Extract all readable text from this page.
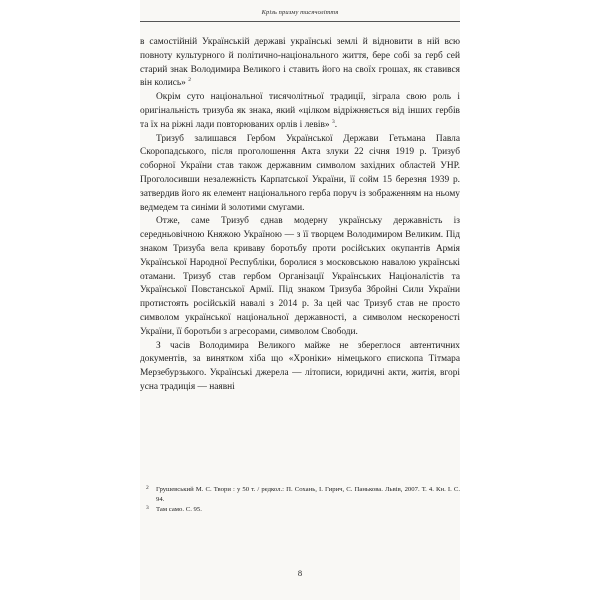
Крізь призму тисячоліття

в самостійній Українській державі українські землі й відновити в ній всю повноту культурного й політично-національного життя, бере собі за герб сей старий знак Володимира Великого і ставить його на своїх грошах, як ставився він колись» $^2$

Окрім суто національної тисячолітньої традиції, зіграла свою роль і оригінальність тризуба як знака, який «цілком відріжняється від інших гербів та їх на ріжні лади повторюваних орлів і левів» $^3$.

Тризуб залишався Гербом Української Держави Гетьмана Павла Скоропадського, після проголошення Акта злуки 22 січня 1919 р. Тризуб соборної України став також державним символом західних областей УНР. Проголосивши незалежність Карпатської України, її сойм 15 березня 1939 р. затвердив його як елемент національного герба поруч із зображенням на ньому ведмедем та синіми й золотими смугами.

Отже, саме Тризуб єднав модерну українську державність із середньовічною Княжою Україною — з її творцем Володимиром Великим. Під знаком Тризуба вела криваву боротьбу проти російських окупантів Армія Української Народної Республіки, боролися з московською навалою українські отамани. Тризуб став гербом Організації Українських Націоналістів та Української Повстанської Армії. Під знаком Тризуба Збройні Сили України протистоять російській навалі з 2014 р. За цей час Тризуб став не просто символом української національної державності, а символом нескореності України, її боротьби з агресорами, символом Свободи.

З часів Володимира Великого майже не збереглося автентичних документів, за винятком хіба що «Хроніки» німецького єпископа Тітмара Мерзебурзького. Українські джерела — літописи, юридичні акти, житія, вгорі усна традиція — наявні

2 Грушевський М. С. Твори : у 50 т. / редкол.: П. Сохань, І. Гирич, С. Панькова. Львів, 2007. Т. 4. Кн. I. С. 94.

3 Там само. С. 95.

8
